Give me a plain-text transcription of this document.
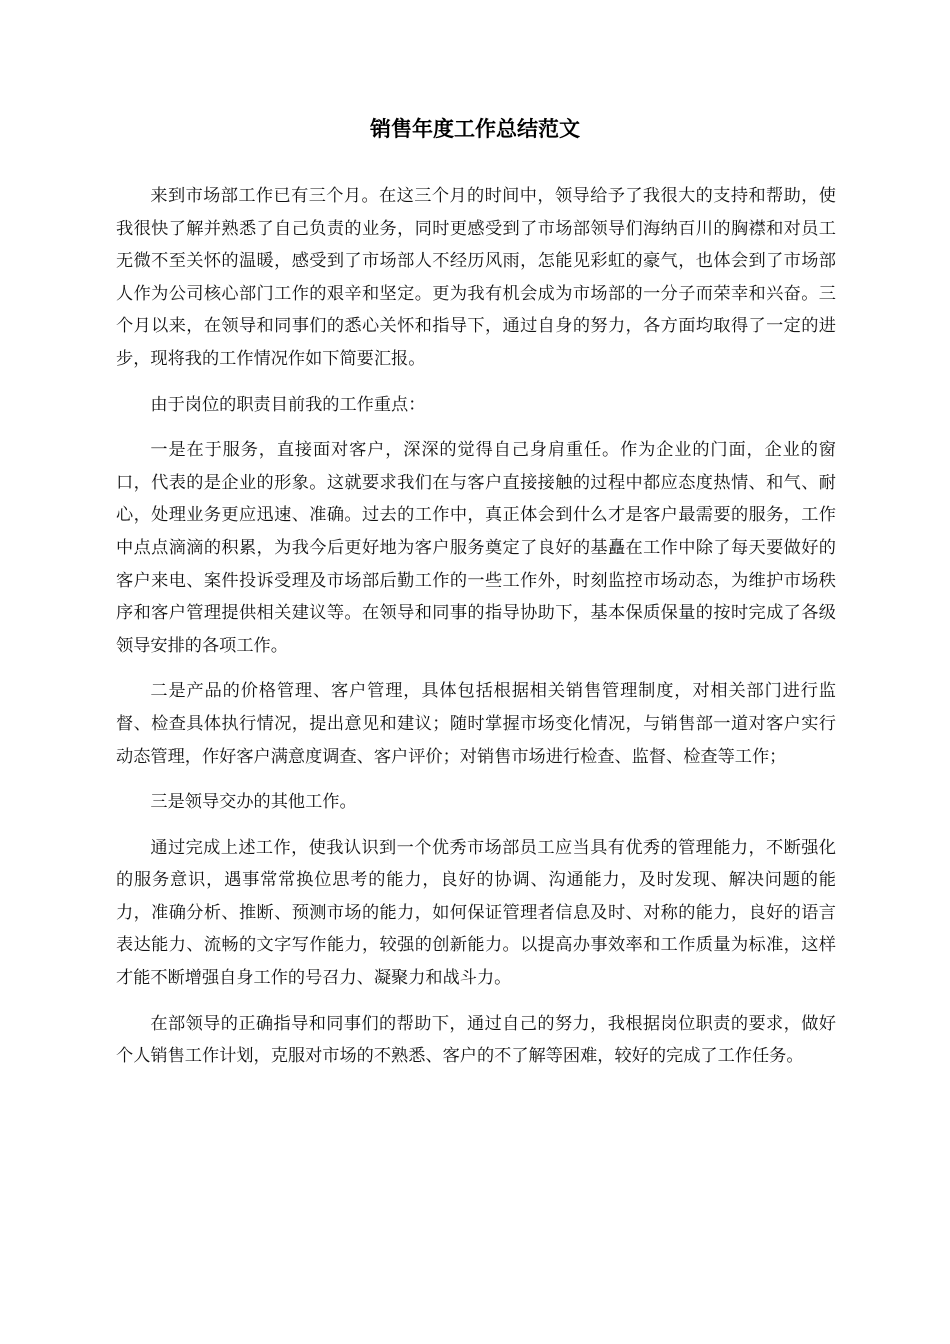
销售年度工作总结范文

来到市场部工作已有三个月。在这三个月的时间中，领导给予了我很大的支持和帮助，使我很快了解并熟悉了自己负责的业务，同时更感受到了市场部领导们海纳百川的胸襟和对员工无微不至关怀的温暖，感受到了市场部人不经历风雨，怎能见彩虹的豪气，也体会到了市场部人作为公司核心部门工作的艰辛和坚定。更为我有机会成为市场部的一分子而荣幸和兴奋。三个月以来，在领导和同事们的悉心关怀和指导下，通过自身的努力，各方面均取得了一定的进步，现将我的工作情况作如下简要汇报。

由于岗位的职责目前我的工作重点：

一是在于服务，直接面对客户，深深的觉得自己身肩重任。作为企业的门面，企业的窗口，代表的是企业的形象。这就要求我们在与客户直接接触的过程中都应态度热情、和气、耐心，处理业务更应迅速、准确。过去的工作中，真正体会到什么才是客户最需要的服务，工作中点点滴滴的积累，为我今后更好地为客户服务奠定了良好的基矗在工作中除了每天要做好的客户来电、案件投诉受理及市场部后勤工作的一些工作外，时刻监控市场动态，为维护市场秩序和客户管理提供相关建议等。在领导和同事的指导协助下，基本保质保量的按时完成了各级领导安排的各项工作。

二是产品的价格管理、客户管理，具体包括根据相关销售管理制度，对相关部门进行监督、检查具体执行情况，提出意见和建议；随时掌握市场变化情况，与销售部一道对客户实行动态管理，作好客户满意度调查、客户评价；对销售市场进行检查、监督、检查等工作；

三是领导交办的其他工作。

通过完成上述工作，使我认识到一个优秀市场部员工应当具有优秀的管理能力，不断强化的服务意识，遇事常常换位思考的能力，良好的协调、沟通能力，及时发现、解决问题的能力，准确分析、推断、预测市场的能力，如何保证管理者信息及时、对称的能力，良好的语言表达能力、流畅的文字写作能力，较强的创新能力。以提高办事效率和工作质量为标准，这样才能不断增强自身工作的号召力、凝聚力和战斗力。

在部领导的正确指导和同事们的帮助下，通过自己的努力，我根据岗位职责的要求，做好个人销售工作计划，克服对市场的不熟悉、客户的不了解等困难，较好的完成了工作任务。
